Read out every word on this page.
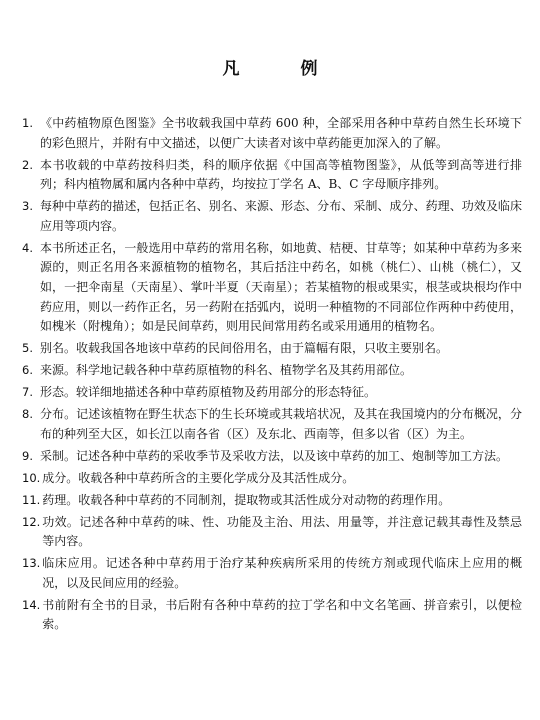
凡　例
1. 《中药植物原色图鉴》全书收载我国中草药 600 种，全部采用各种中草药自然生长环境下的彩色照片，并附有中文描述，以便广大读者对该中草药能更加深入的了解。
2. 本书收载的中草药按科归类，科的顺序依据《中国高等植物图鉴》，从低等到高等进行排列；科内植物属和属内各种中草药，均按拉丁学名 A、B、C 字母顺序排列。
3. 每种中草药的描述，包括正名、别名、来源、形态、分布、采制、成分、药理、功效及临床应用等项内容。
4. 本书所述正名，一般选用中草药的常用名称，如地黄、桔梗、甘草等；如某种中草药为多来源的，则正名用各来源植物的植物名，其后括注中药名，如桃（桃仁）、山桃（桃仁），又如，一把伞南星（天南星）、掌叶半夏（天南星）；若某植物的根或果实，根茎或块根均作中药应用，则以一药作正名，另一药附在括弧内，说明一种植物的不同部位作两种中药使用，如槐米（附槐角）；如是民间草药，则用民间常用药名或采用通用的植物名。
5. 别名。收载我国各地该中草药的民间俗用名，由于篇幅有限，只收主要别名。
6. 来源。科学地记载各种中草药原植物的科名、植物学名及其药用部位。
7. 形态。较详细地描述各种中草药原植物及药用部分的形态特征。
8. 分布。记述该植物在野生状态下的生长环境或其栽培状况，及其在我国境内的分布概况，分布的种列至大区，如长江以南各省（区）及东北、西南等，但多以省（区）为主。
9. 采制。记述各种中草药的采收季节及采收方法，以及该中草药的加工、炮制等加工方法。
10. 成分。收载各种中草药所含的主要化学成分及其活性成分。
11. 药理。收载各种中草药的不同制剂，提取物或其活性成分对动物的药理作用。
12. 功效。记述各种中草药的味、性、功能及主治、用法、用量等，并注意记载其毒性及禁忌等内容。
13. 临床应用。记述各种中草药用于治疗某种疾病所采用的传统方剂或现代临床上应用的概况，以及民间应用的经验。
14. 书前附有全书的目录，书后附有各种中草药的拉丁学名和中文名笔画、拼音索引，以便检索。
